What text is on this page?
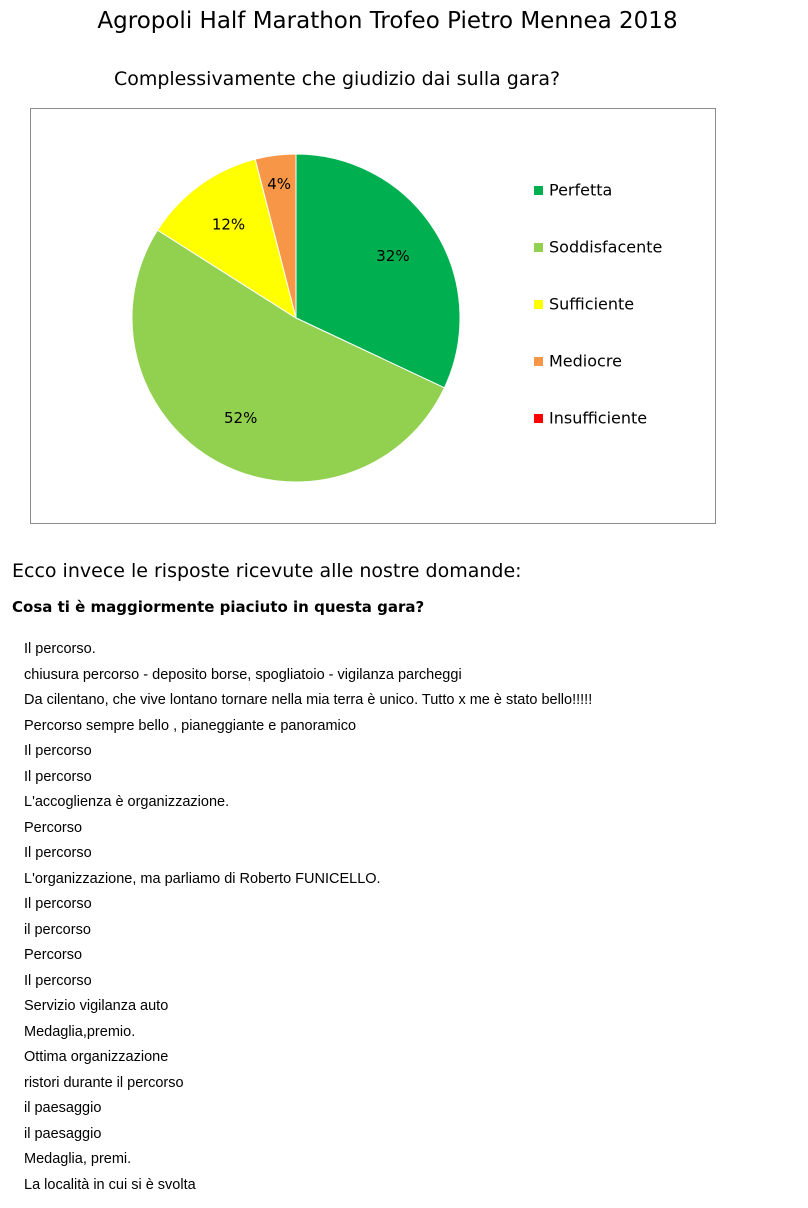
Agropoli Half Marathon Trofeo Pietro Mennea 2018
Complessivamente che giudizio dai sulla gara?
32%
52%
12%
4%	Perfetta
Soddisfacente
Sufficiente
Mediocre
Insufficiente
Ecco invece le risposte ricevute alle nostre domande:
Cosa ti è maggiormente piaciuto in questa gara?
Il percorso.
chiusura percorso - deposito borse, spogliatoio - vigilanza parcheggi
Da cilentano, che vive lontano tornare nella mia terra è unico. Tutto x me è stato bello!!!!!
Percorso sempre bello , pianeggiante e panoramico
Il percorso
Il percorso
L'accoglienza è organizzazione.
Percorso
Il percorso
L'organizzazione, ma parliamo di Roberto FUNICELLO.
Il percorso
il percorso
Percorso
Il percorso
Servizio vigilanza auto
Medaglia,premio.
Ottima organizzazione
ristori durante il percorso
il paesaggio
il paesaggio
Medaglia, premi.
La località in cui si è svolta
